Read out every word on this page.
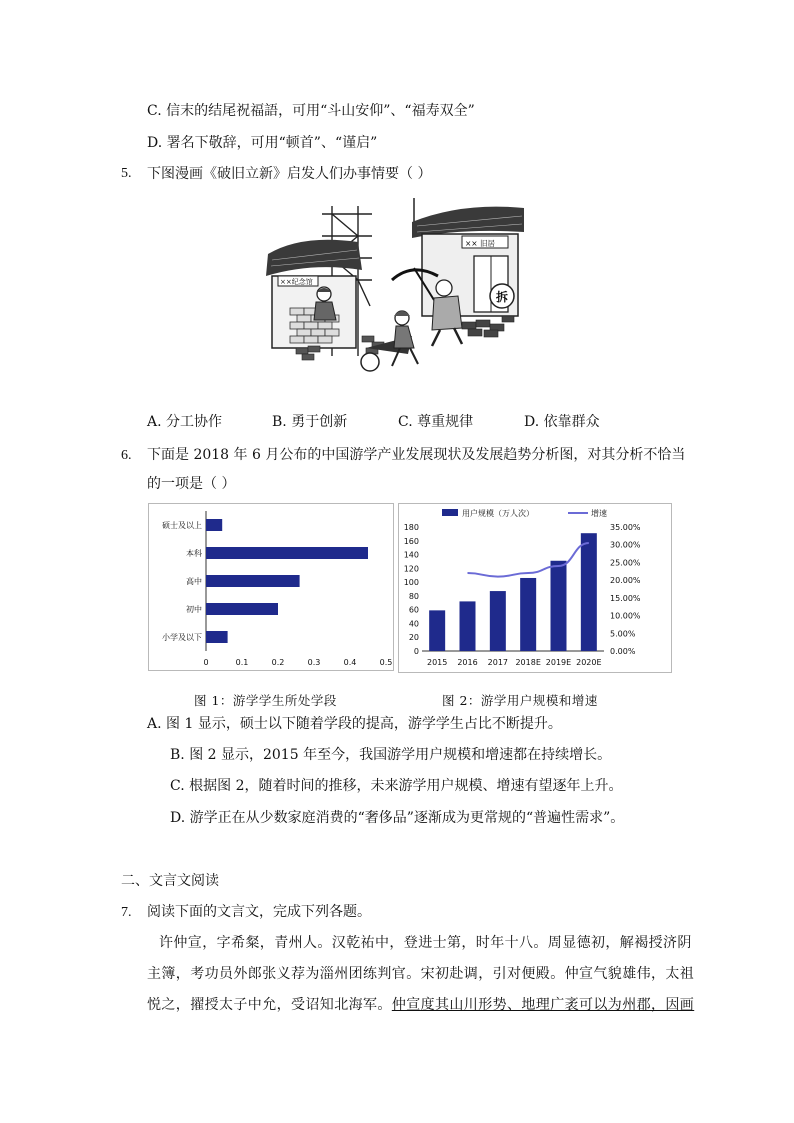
C. 信末的结尾祝福語，可用“斗山安仰”、“福寿双全”
D. 署名下敬辞，可用“顿首”、“谨启”
5. 下图漫画《破旧立新》启发人们办事情要（ ）
××纪念馆
×× 旧居
拆
A. 分工协作	B. 勇于创新	C. 尊重规律	D. 依靠群众
6. 下面是 2018 年 6 月公布的中国游学产业发展现状及发展趋势分析图，对其分析不恰当
的一项是（ ）
硕士及以上
本科
高中
初中
小学及以下
0	0.1	0.2	0.3	0.4	0.5
用户规模（万人次）	增速
0
20
40
60
80
100
120
140
160
180
0.00%
5.00%
10.00%
15.00%
20.00%
25.00%
30.00%
35.00%
2015 2016 2017 2018E 2019E 2020E
图 1：游学学生所处学段	图 2：游学用户规模和增速
A. 图 1 显示，硕士以下随着学段的提高，游学学生占比不断提升。
B. 图 2 显示，2015 年至今，我国游学用户规模和增速都在持续增长。
C. 根据图 2，随着时间的推移，未来游学用户规模、增速有望逐年上升。
D. 游学正在从少数家庭消费的“奢侈品”逐渐成为更常规的“普遍性需求”。
二、文言文阅读
7. 阅读下面的文言文，完成下列各题。
许仲宣，字希粲，青州人。汉乾祐中，登进士第，时年十八。周显德初，解褐授济阴
主簿，考功员外郎张义荐为淄州团练判官。宋初赴调，引对便殿。仲宣气貌雄伟，太祖
悦之，擢授太子中允，受诏知北海军。仲宣度其山川形势、地理广袤可以为州郡，因画
